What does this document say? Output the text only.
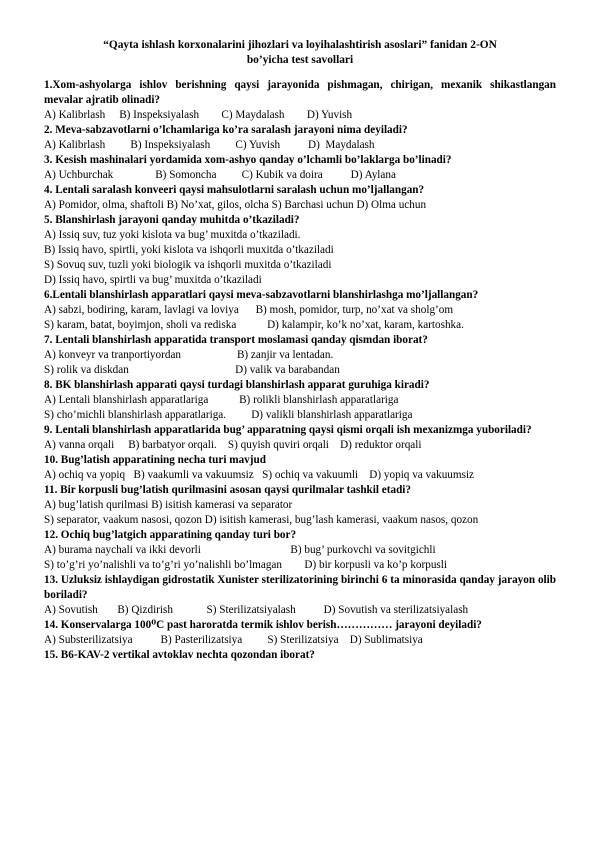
“Qayta ishlash korxonalarini jihozlari va loyihalashtirish asoslari” fanidan 2-ON
bo’yicha test savollari
1.Xom-ashyolarga ishlov berishning qaysi jarayonida pishmagan, chirigan, mexanik shikastlangan mevalar ajratib olinadi?
A) Kalibrlash     B) Inspeksiyalash        C) Maydalash        D) Yuvish
2. Meva-sabzavotlarni o’lchamlariga ko’ra saralash jarayoni nima deyiladi?
A) Kalibrlash         B) Inspeksiyalash         C) Yuvish          D)  Maydalash
3. Kesish mashinalari yordamida xom-ashyo qanday o’lchamli bo’laklarga bo’linadi?
A) Uchburchak               B) Somoncha         C) Kubik va doira          D) Aylana
4. Lentali saralash konveeri qaysi mahsulotlarni saralash uchun mo’ljallangan?
A) Pomidor, olma, shaftoli B) No’xat, gilos, olcha S) Barchasi uchun D) Olma uchun
5. Blanshirlash jarayoni qanday muhitda o’tkaziladi?
A) Issiq suv, tuz yoki kislota va bug’ muxitda o’tkaziladi.
B) Issiq havo, spirtli, yoki kislota va ishqorli muxitda o’tkaziladi
S) Sovuq suv, tuzli yoki biologik va ishqorli muxitda o’tkaziladi
D) Issiq havo, spirtli va bug’ muxitda o’tkaziladi
6.Lentali blanshirlash apparatlari qaysi meva-sabzavotlarni blanshirlashga mo’ljallangan?
A) sabzi, bodiring, karam, lavlagi va loviya      B) mosh, pomidor, turp, no’xat va sholg’om
S) karam, batat, boyimjon, sholi va rediska           D) kalampir, ko’k no’xat, karam, kartoshka.
7. Lentali blanshirlash apparatida transport moslamasi qanday qismdan iborat?
A) konveyr va tranportiyordan                    B) zanjir va lentadan.
S) rolik va diskdan                                      D) valik va barabandan
8. BK blanshirlash apparati qaysi turdagi blanshirlash apparat guruhiga kiradi?
A) Lentali blanshirlash apparatlariga           B) rolikli blanshirlash apparatlariga
S) cho’michli blanshirlash apparatlariga.         D) valikli blanshirlash apparatlariga
9. Lentali blanshirlash apparatlarida bug’ apparatning qaysi qismi orqali ish mexanizmga yuboriladi?
A) vanna orqali     B) barbatyor orqali.    S) quyish quviri orqali    D) reduktor orqali
10. Bug’latish apparatining necha turi mavjud
A) ochiq va yopiq   B) vaakumli va vakuumsiz   S) ochiq va vakuumli    D) yopiq va vakuumsiz
11. Bir korpusli bug’latish qurilmasini asosan qaysi qurilmalar tashkil etadi?
A) bug’latish qurilmasi B) isitish kamerasi va separator
S) separator, vaakum nasosi, qozon D) isitish kamerasi, bug’lash kamerasi, vaakum nasos, qozon
12. Ochiq bug’latgich apparatining qanday turi bor?
A) burama naychali va ikki devorli                                B) bug’ purkovchi va sovitgichli
S) to’g’ri yo’nalishli va to’g’ri yo’nalishli bo’lmagan        D) bir korpusli va ko’p korpusli
13. Uzluksiz ishlaydigan gidrostatik Xunister sterilizatorining birinchi 6 ta minorasida qanday jarayon olib boriladi?
A) Sovutish       B) Qizdirish            S) Sterilizatsiyalash          D) Sovutish va sterilizatsiyalash
14. Konservalarga 100⁰C past haroratda termik ishlov berish…………… jarayoni deyiladi?
A) Substerilizatsiya          B) Pasterilizatsiya         S) Sterilizatsiya    D) Sublimatsiya
15. B6-KAV-2 vertikal avtoklav nechta qozondan iborat?
